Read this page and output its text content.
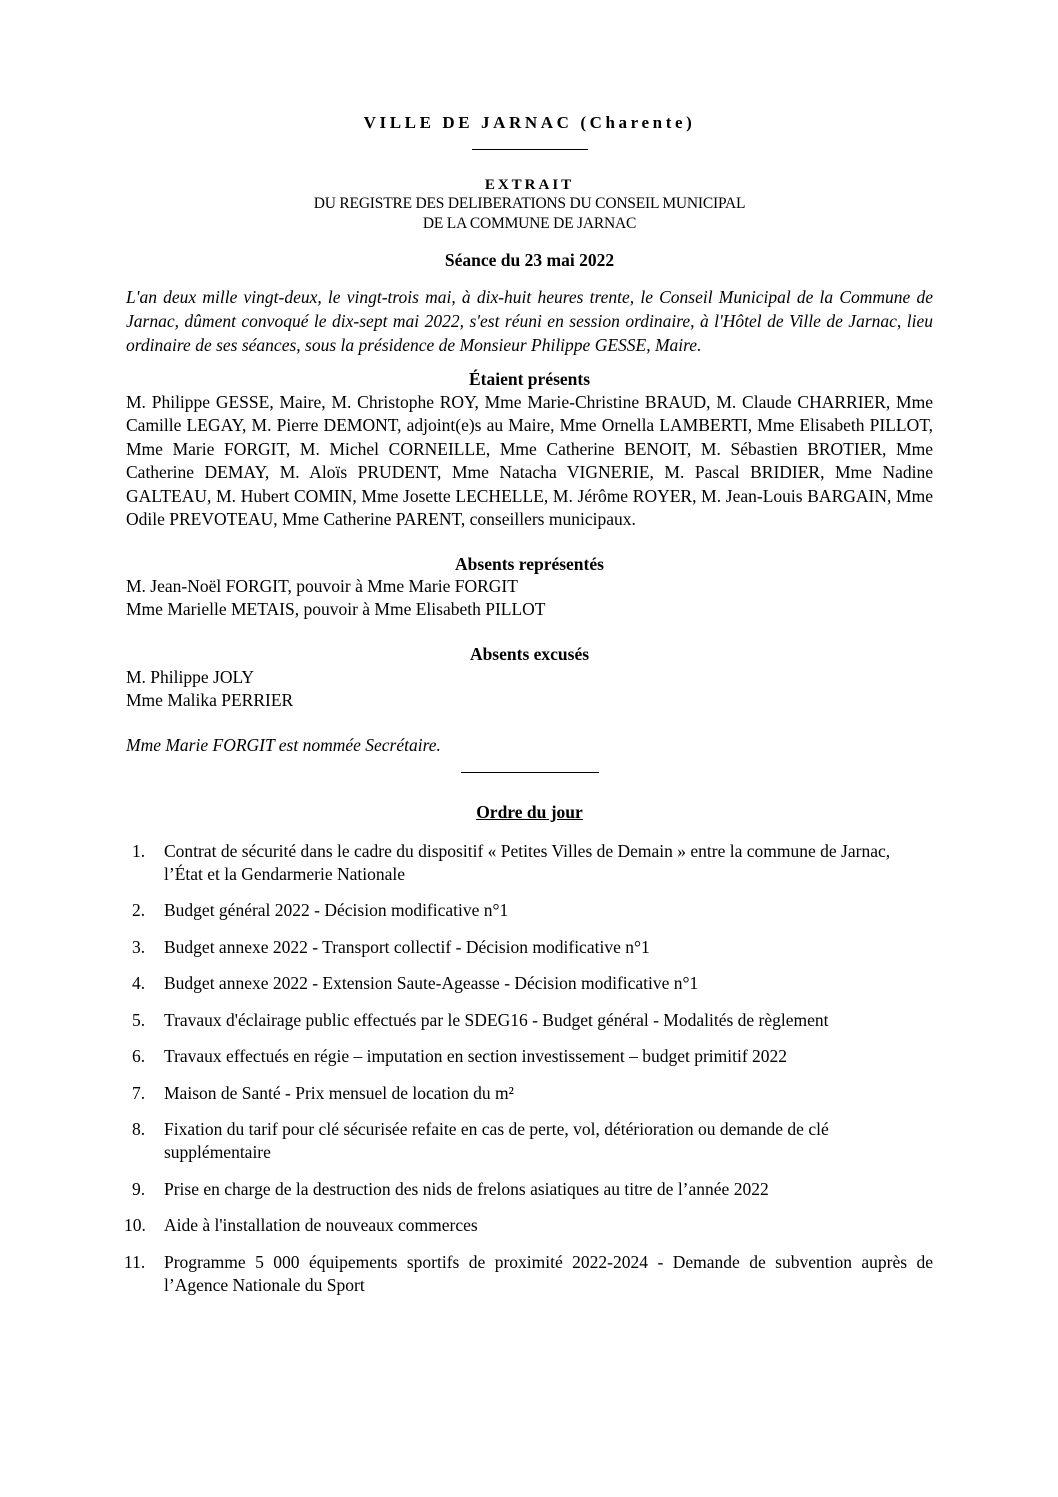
VILLE DE JARNAC (Charente)
EXTRAIT
DU REGISTRE DES DELIBERATIONS DU CONSEIL MUNICIPAL
DE LA COMMUNE DE JARNAC
Séance du 23 mai 2022
L'an deux mille vingt-deux, le vingt-trois mai, à dix-huit heures trente, le Conseil Municipal de la Commune de Jarnac, dûment convoqué le dix-sept mai 2022, s'est réuni en session ordinaire, à l'Hôtel de Ville de Jarnac, lieu ordinaire de ses séances, sous la présidence de Monsieur Philippe GESSE, Maire.
Étaient présents
M. Philippe GESSE, Maire, M. Christophe ROY, Mme Marie-Christine BRAUD, M. Claude CHARRIER, Mme Camille LEGAY, M. Pierre DEMONT, adjoint(e)s au Maire, Mme Ornella LAMBERTI, Mme Elisabeth PILLOT, Mme Marie FORGIT, M. Michel CORNEILLE, Mme Catherine BENOIT, M. Sébastien BROTIER, Mme Catherine DEMAY, M. Aloïs PRUDENT, Mme Natacha VIGNERIE, M. Pascal BRIDIER, Mme Nadine GALTEAU, M. Hubert COMIN, Mme Josette LECHELLE, M. Jérôme ROYER, M. Jean-Louis BARGAIN, Mme Odile PREVOTEAU, Mme Catherine PARENT, conseillers municipaux.
Absents représentés
M. Jean-Noël FORGIT, pouvoir à Mme Marie FORGIT
Mme Marielle METAIS, pouvoir à Mme Elisabeth PILLOT
Absents excusés
M. Philippe JOLY
Mme Malika PERRIER
Mme Marie FORGIT est nommée Secrétaire.
Ordre du jour
1. Contrat de sécurité dans le cadre du dispositif « Petites Villes de Demain » entre la commune de Jarnac, l’État et la Gendarmerie Nationale
2. Budget général 2022 - Décision modificative n°1
3. Budget annexe 2022 - Transport collectif - Décision modificative n°1
4. Budget annexe 2022 - Extension Saute-Ageasse - Décision modificative n°1
5. Travaux d'éclairage public effectués par le SDEG16 - Budget général - Modalités de règlement
6. Travaux effectués en régie – imputation en section investissement – budget primitif 2022
7. Maison de Santé - Prix mensuel de location du m²
8. Fixation du tarif pour clé sécurisée refaite en cas de perte, vol, détérioration ou demande de clé supplémentaire
9. Prise en charge de la destruction des nids de frelons asiatiques au titre de l’année 2022
10. Aide à l'installation de nouveaux commerces
11. Programme 5 000 équipements sportifs de proximité 2022-2024 - Demande de subvention auprès de l’Agence Nationale du Sport
